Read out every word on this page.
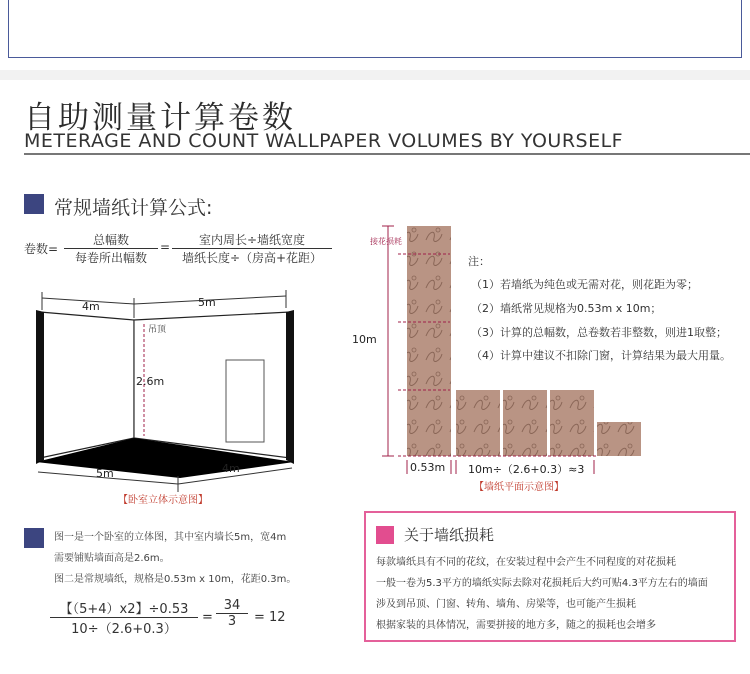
自助测量计算卷数
METERAGE AND COUNT WALLPAPER VOLUMES BY YOURSELF
常规墙纸计算公式:
卷数=
总幅数
每卷所出幅数
=	室内周长÷墙纸宽度
墙纸长度÷（房高+花距）
4m	5m
吊顶
2.6m
5m	4m
【卧室立体示意图】
接花损耗
10m
0.53m 10m÷（2.6+0.3）≈3
【墙纸平面示意图】
注：
（1）若墙纸为纯色或无需对花，则花距为零；
（2）墙纸常见规格为0.53m x 10m；
（3）计算的总幅数，总卷数若非整数，则进1取整；
（4）计算中建议不扣除门窗，计算结果为最大用量。
图一是一个卧室的立体图，其中室内墙长5m，宽4m
需要铺贴墙面高是2.6m。
图二是常规墙纸，规格是0.53m x 10m，花距0.3m。
$\frac{【(5+4)x2】\div 0.53}{10\div(2.6+0.3)} = \frac{34}{3} = 12$
关于墙纸损耗
每款墙纸具有不同的花纹，在安装过程中会产生不同程度的对花损耗
一般一卷为5.3平方的墙纸实际去除对花损耗后大约可贴4.3平方左右的墙面
涉及到吊顶、门窗、转角、墙角、房梁等，也可能产生损耗
根据家装的具体情况，需要拼接的地方多，随之的损耗也会增多
